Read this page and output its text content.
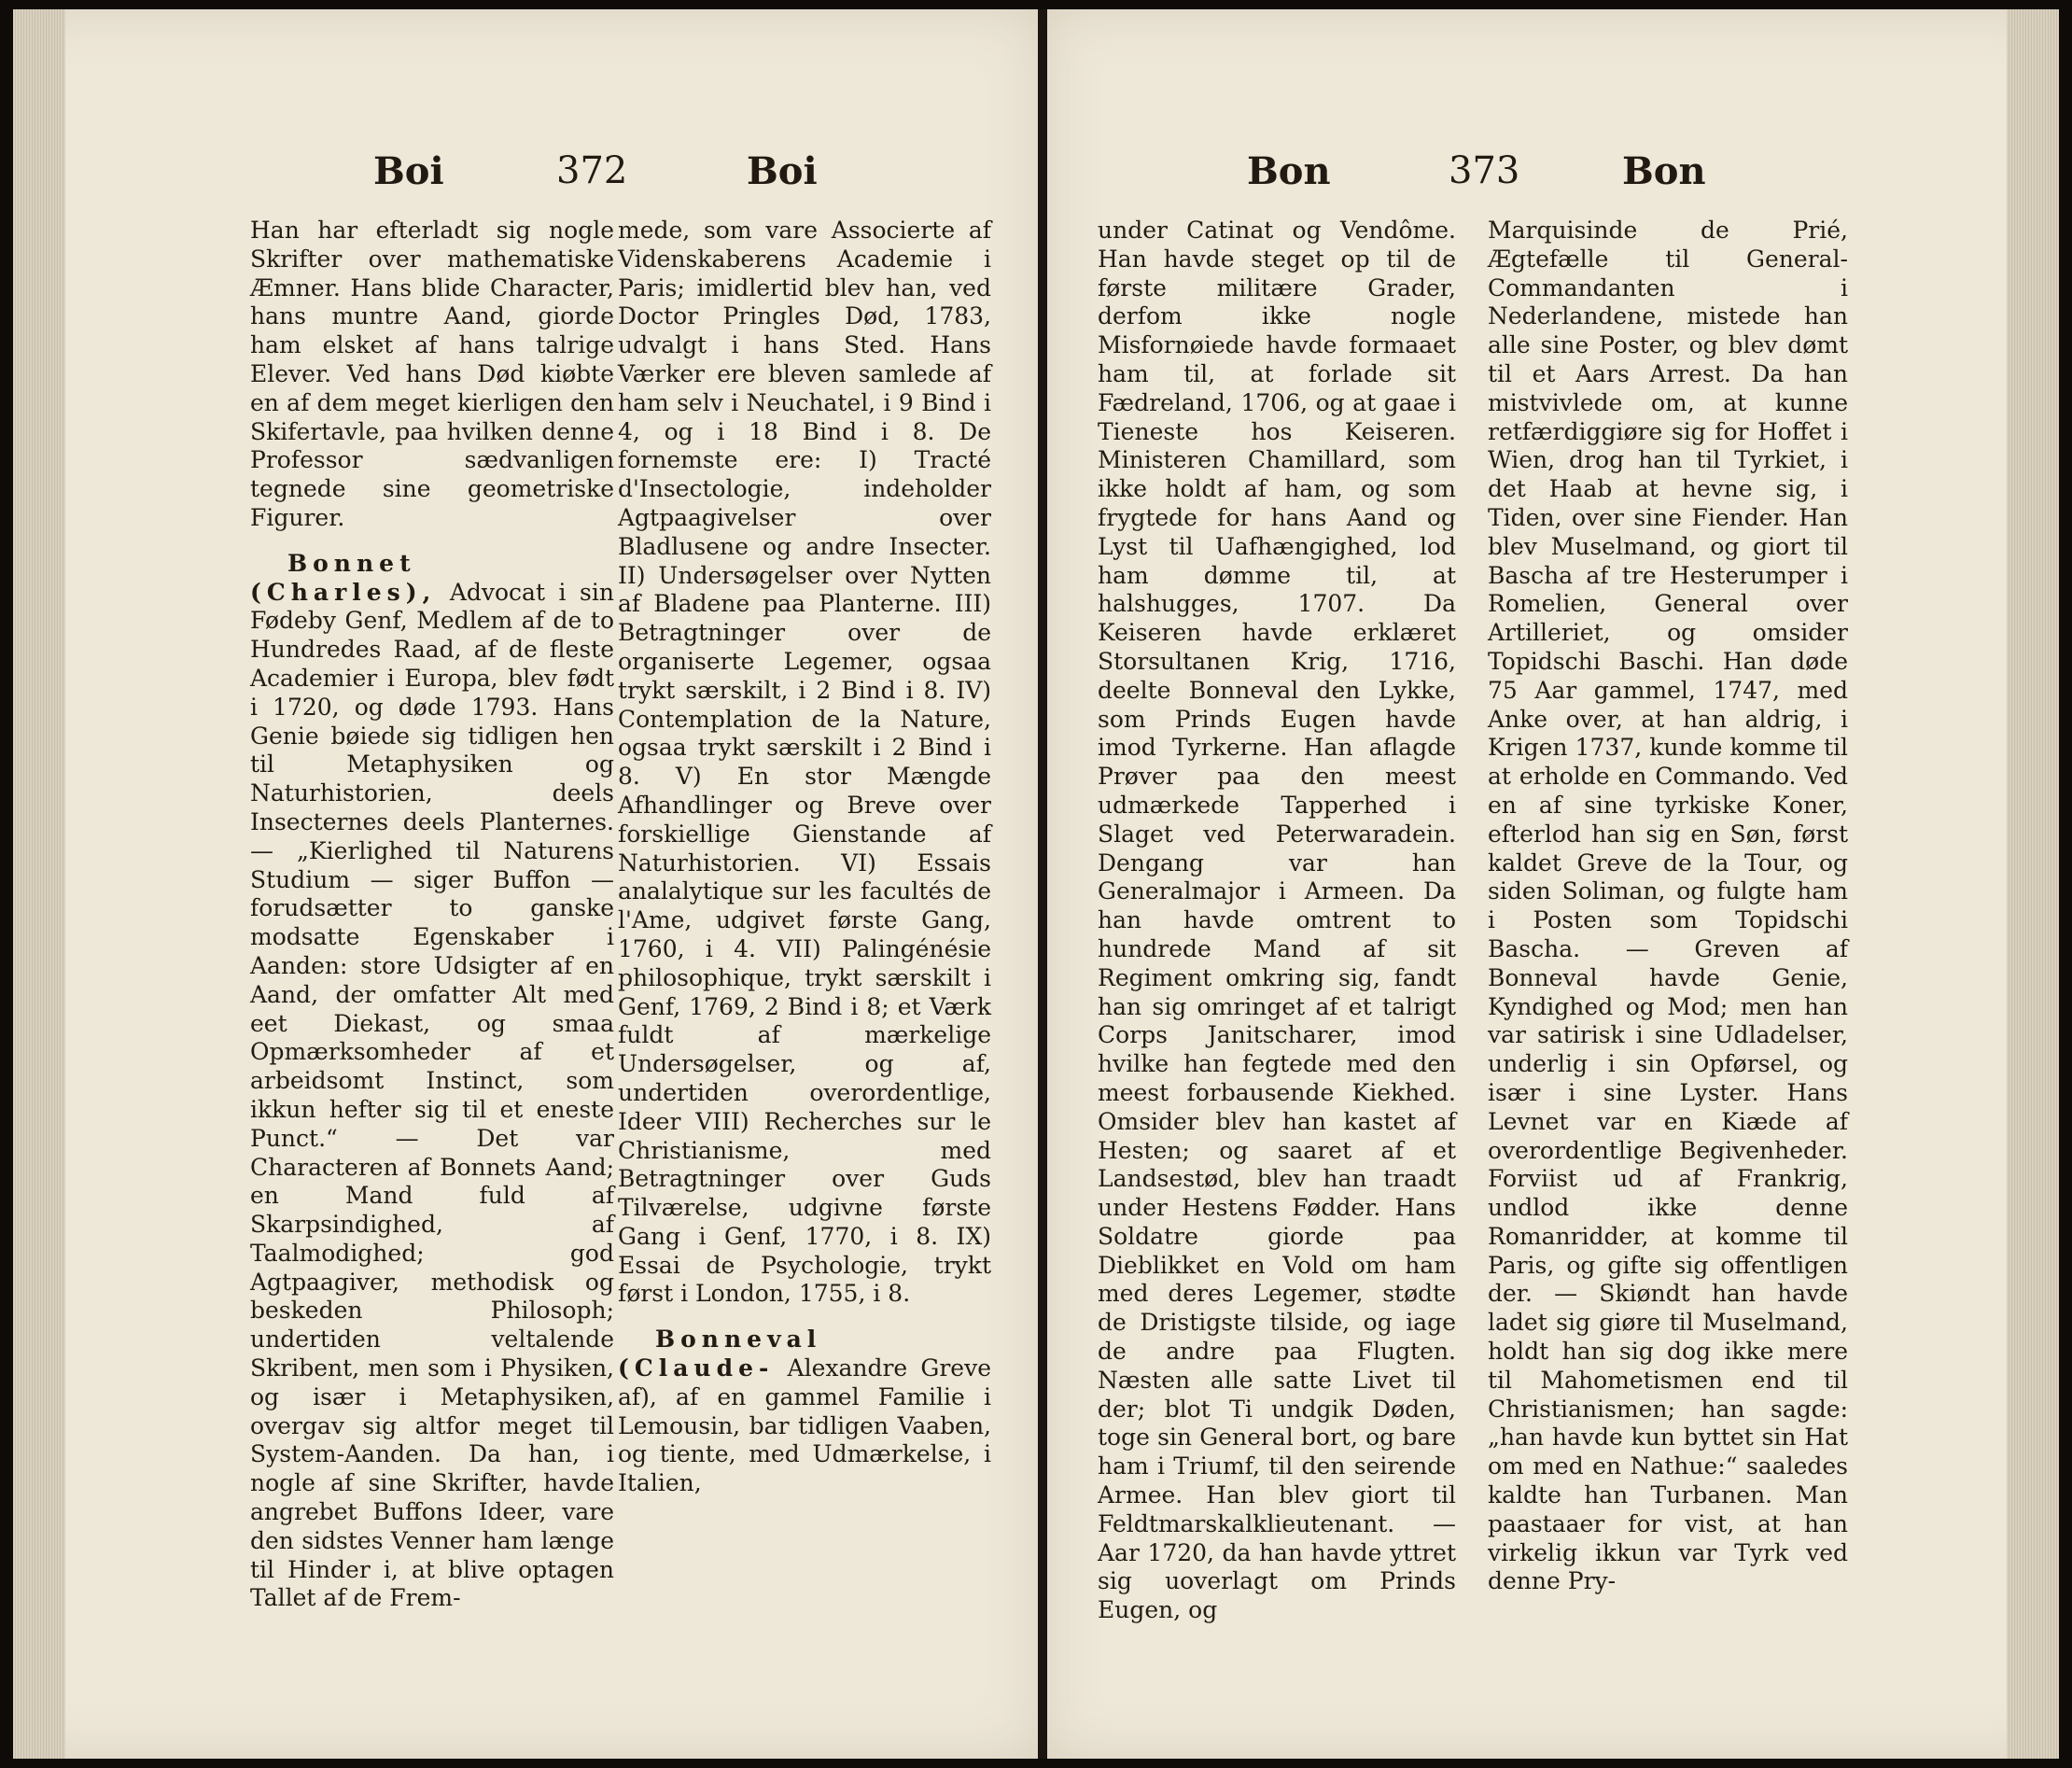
Boi	372	Boi

Han har efterladt sig nogle Skrifter over mathematiske Æmner. Hans blide Character, hans muntre Aand, giorde ham elsket af hans talrige Elever. Ved hans Død kiøbte en af dem meget kierligen den Skifertavle, paa hvilken denne Professor sædvanligen tegnede sine geometriske Figurer.

Bonnet (Charles), Advocat i sin Fødeby Genf, Medlem af de to Hundredes Raad, af de fleste Academier i Europa, blev født i 1720, og døde 1793. Hans Genie bøiede sig tidligen hen til Metaphysiken og Naturhistorien, deels Insecternes deels Planternes. — „Kierlighed til Naturens Studium — siger Buffon — forudsætter to ganske modsatte Egenskaber i Aanden: store Udsigter af en Aand, der omfatter Alt med eet Diekast, og smaa Opmærksomheder af et arbeidsomt Instinct, som ikkun hefter sig til et eneste Punct.“ — Det var Characteren af Bonnets Aand; en Mand fuld af Skarpsindighed, af Taalmodighed; god Agtpaagiver, methodisk og beskeden Philosoph; undertiden veltalende Skribent, men som i Physiken, og især i Metaphysiken, overgav sig altfor meget til System-Aanden. Da han, i nogle af sine Skrifter, havde angrebet Buffons Ideer, vare den sidstes Venner ham længe til Hinder i, at blive optagen Tallet af de Frem-

mede, som vare Associerte af Videnskaberens Academie i Paris; imidlertid blev han, ved Doctor Pringles Død, 1783, udvalgt i hans Sted. Hans Værker ere bleven samlede af ham selv i Neuchatel, i 9 Bind i 4, og i 18 Bind i 8. De fornemste ere: I) Tracté d'Insectologie, indeholder Agtpaagivelser over Bladlusene og andre Insecter. II) Undersøgelser over Nytten af Bladene paa Planterne. III) Betragtninger over de organiserte Legemer, ogsaa trykt særskilt, i 2 Bind i 8. IV) Contemplation de la Nature, ogsaa trykt særskilt i 2 Bind i 8. V) En stor Mængde Afhandlinger og Breve over forskiellige Gienstande af Naturhistorien. VI) Essais analalytique sur les facultés de l'Ame, udgivet første Gang, 1760, i 4. VII) Palingénésie philosophique, trykt særskilt i Genf, 1769, 2 Bind i 8; et Værk fuldt af mærkelige Undersøgelser, og af, undertiden overordentlige, Ideer VIII) Recherches sur le Christianisme, med Betragtninger over Guds Tilværelse, udgivne første Gang i Genf, 1770, i 8. IX) Essai de Psychologie, trykt først i London, 1755, i 8.

Bonneval (Claude- Alexandre Greve af), af en gammel Familie i Lemousin, bar tidligen Vaaben, og tiente, med Udmærkelse, i Italien,

Bon	373	Bon

under Catinat og Vendôme. Han havde steget op til de første militære Grader, derfom ikke nogle Misfornøiede havde formaaet ham til, at forlade sit Fædreland, 1706, og at gaae i Tieneste hos Keiseren. Ministeren Chamillard, som ikke holdt af ham, og som frygtede for hans Aand og Lyst til Uafhængighed, lod ham dømme til, at halshugges, 1707. Da Keiseren havde erklæret Storsultanen Krig, 1716, deelte Bonneval den Lykke, som Prinds Eugen havde imod Tyrkerne. Han aflagde Prøver paa den meest udmærkede Tapperhed i Slaget ved Peterwaradein. Dengang var han Generalmajor i Armeen. Da han havde omtrent to hundrede Mand af sit Regiment omkring sig, fandt han sig omringet af et talrigt Corps Janitscharer, imod hvilke han fegtede med den meest forbausende Kiekhed. Omsider blev han kastet af Hesten; og saaret af et Landsestød, blev han traadt under Hestens Fødder. Hans Soldatre giorde paa Dieblikket en Vold om ham med deres Legemer, stødte de Dristigste tilside, og iage de andre paa Flugten. Næsten alle satte Livet til der; blot Ti undgik Døden, toge sin General bort, og bare ham i Triumf, til den seirende Armee. Han blev giort til Feldtmarskalklieutenant. — Aar 1720, da han havde yttret sig uoverlagt om Prinds Eugen, og

Marquisinde de Prié, Ægtefælle til General-Commandanten i Nederlandene, mistede han alle sine Poster, og blev dømt til et Aars Arrest. Da han mistvivlede om, at kunne retfærdiggiøre sig for Hoffet i Wien, drog han til Tyrkiet, i det Haab at hevne sig, i Tiden, over sine Fiender. Han blev Muselmand, og giort til Bascha af tre Hesterumper i Romelien, General over Artilleriet, og omsider Topidschi Baschi. Han døde 75 Aar gammel, 1747, med Anke over, at han aldrig, i Krigen 1737, kunde komme til at erholde en Commando. Ved en af sine tyrkiske Koner, efterlod han sig en Søn, først kaldet Greve de la Tour, og siden Soliman, og fulgte ham i Posten som Topidschi Bascha. — Greven af Bonneval havde Genie, Kyndighed og Mod; men han var satirisk i sine Udladelser, underlig i sin Opførsel, og især i sine Lyster. Hans Levnet var en Kiæde af overordentlige Begivenheder. Forviist ud af Frankrig, undlod ikke denne Romanridder, at komme til Paris, og gifte sig offentligen der. — Skiøndt han havde ladet sig giøre til Muselmand, holdt han sig dog ikke mere til Mahometismen end til Christianismen; han sagde: „han havde kun byttet sin Hat om med en Nathue:“ saaledes kaldte han Turbanen. Man paastaaer for vist, at han virkelig ikkun var Tyrk ved denne Pry-
